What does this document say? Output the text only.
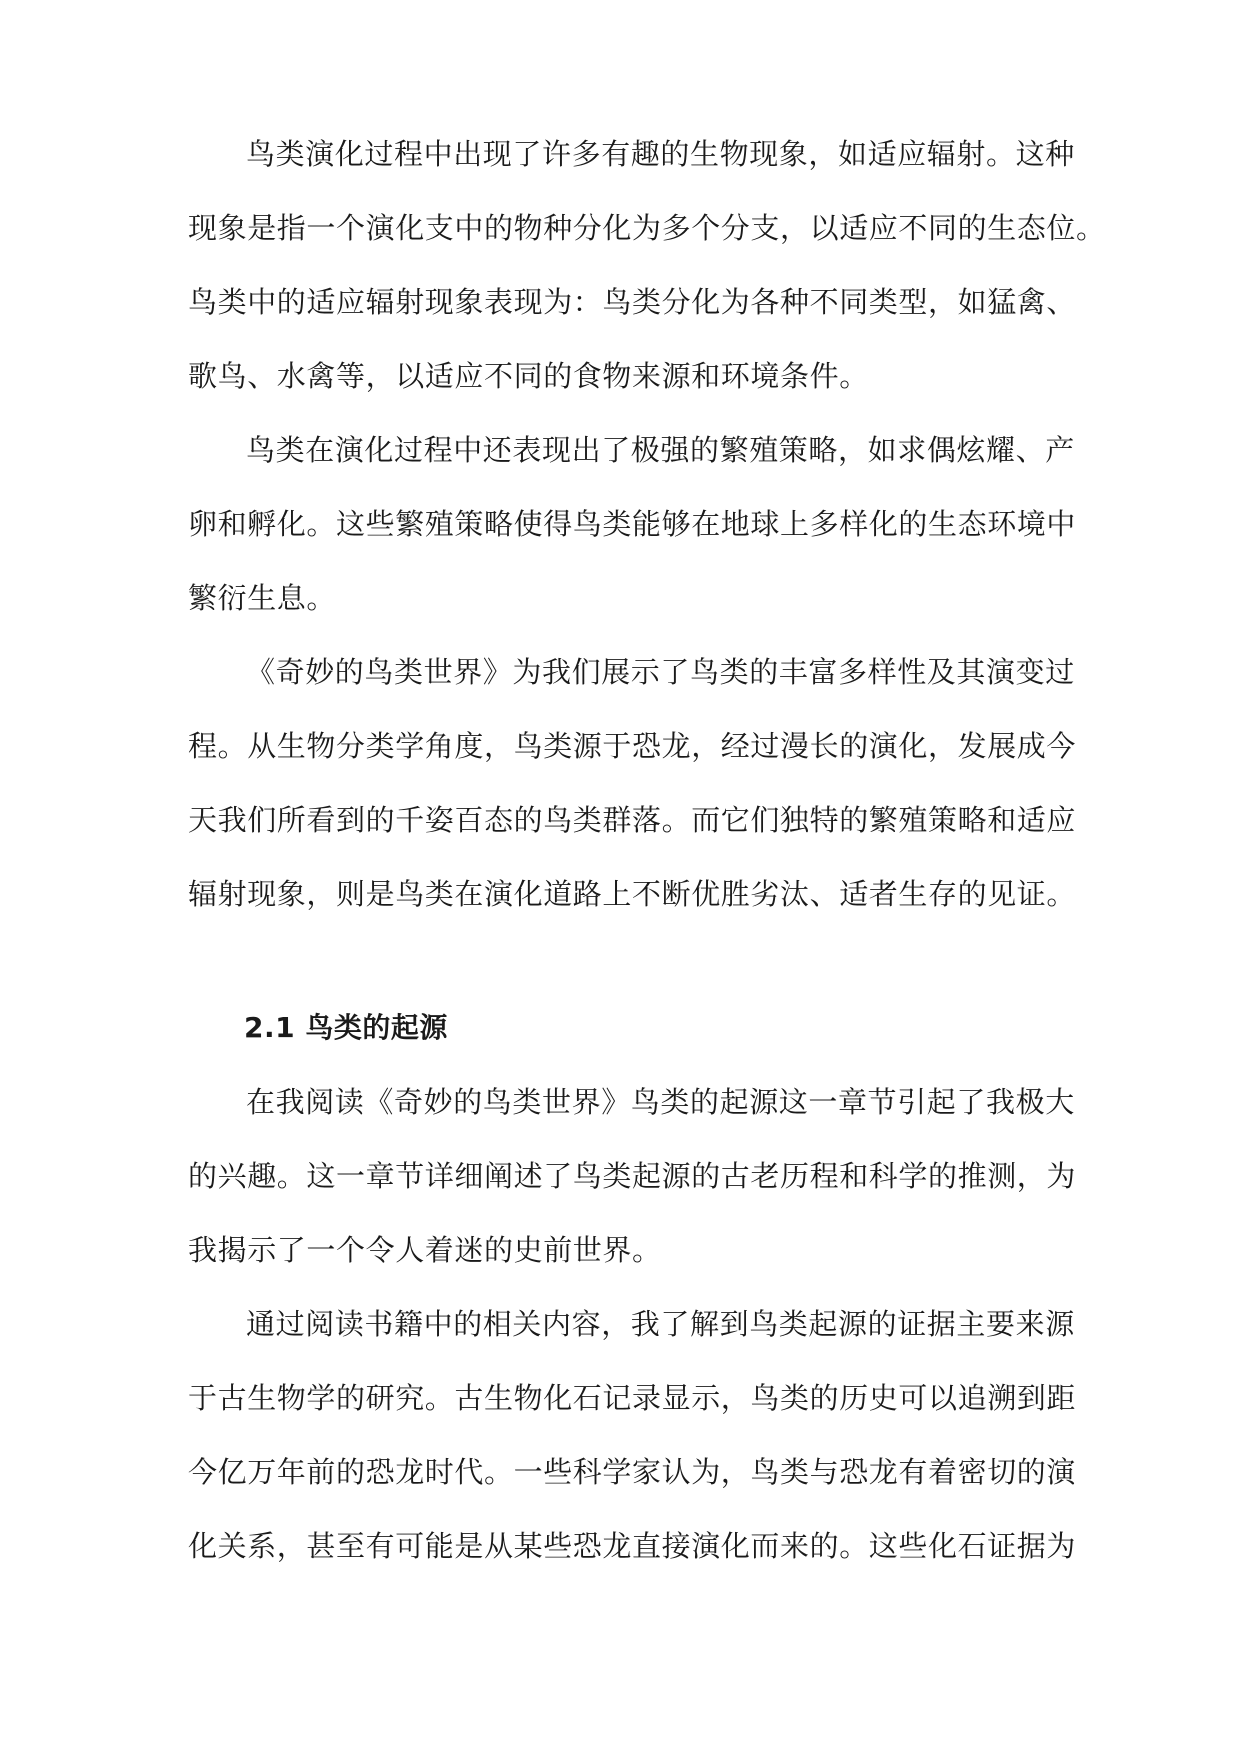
鸟类演化过程中出现了许多有趣的生物现象，如适应辐射。这种
现象是指一个演化支中的物种分化为多个分支，以适应不同的生态位。
鸟类中的适应辐射现象表现为：鸟类分化为各种不同类型，如猛禽、
歌鸟、水禽等，以适应不同的食物来源和环境条件。
鸟类在演化过程中还表现出了极强的繁殖策略，如求偶炫耀、产
卵和孵化。这些繁殖策略使得鸟类能够在地球上多样化的生态环境中
繁衍生息。
《奇妙的鸟类世界》为我们展示了鸟类的丰富多样性及其演变过
程。从生物分类学角度，鸟类源于恐龙，经过漫长的演化，发展成今
天我们所看到的千姿百态的鸟类群落。而它们独特的繁殖策略和适应
辐射现象，则是鸟类在演化道路上不断优胜劣汰、适者生存的见证。
2.1 鸟类的起源
在我阅读《奇妙的鸟类世界》鸟类的起源这一章节引起了我极大
的兴趣。这一章节详细阐述了鸟类起源的古老历程和科学的推测，为
我揭示了一个令人着迷的史前世界。
通过阅读书籍中的相关内容，我了解到鸟类起源的证据主要来源
于古生物学的研究。古生物化石记录显示，鸟类的历史可以追溯到距
今亿万年前的恐龙时代。一些科学家认为，鸟类与恐龙有着密切的演
化关系，甚至有可能是从某些恐龙直接演化而来的。这些化石证据为
